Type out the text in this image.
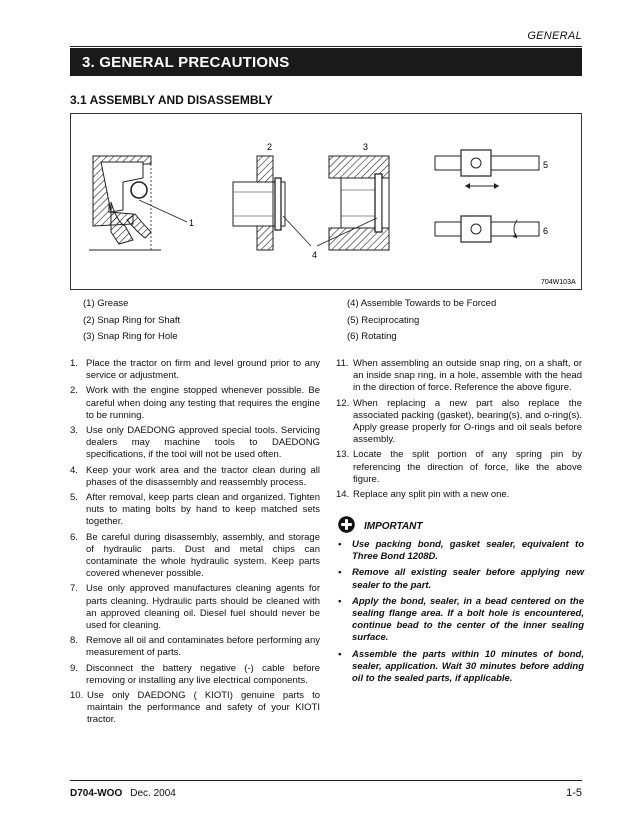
GENERAL
3. GENERAL PRECAUTIONS
3.1 ASSEMBLY AND DISASSEMBLY
1
2	3
4
5
6
704W103A
(1) Grease
(2) Snap Ring for Shaft
(3) Snap Ring for Hole
(4) Assemble Towards to be Forced
(5) Reciprocating
(6) Rotating
1. Place the tractor on firm and level ground prior to any service or adjustment.
2. Work with the engine stopped whenever possible. Be careful when doing any testing that requires the engine to be running.
3. Use only DAEDONG approved special tools. Servicing dealers may machine tools to DAEDONG specifications, if the tool will not be used often.
4. Keep your work area and the tractor clean during all phases of the disassembly and reassembly process.
5. After removal, keep parts clean and organized. Tighten nuts to mating bolts by hand to keep matched sets together.
6. Be careful during disassembly, assembly, and storage of hydraulic parts. Dust and metal chips can contaminate the whole hydraulic system. Keep parts covered whenever possible.
7. Use only approved manufactures cleaning agents for parts cleaning. Hydraulic parts should be cleaned with an approved cleaning oil. Diesel fuel should never be used for cleaning.
8. Remove all oil and contaminates before performing any measurement of parts.
9. Disconnect the battery negative (-) cable before removing or installing any live electrical components.
10. Use only DAEDONG ( KIOTI) genuine parts to maintain the performance and safety of your KIOTI tractor.
11. When assembling an outside snap ring, on a shaft, or an inside snap ring, in a hole, assemble with the head in the direction of force. Reference the above figure.
12. When replacing a new part also replace the associated packing (gasket), bearing(s), and o-ring(s). Apply grease properly for O-rings and oil seals before assembly.
13. Locate the split portion of any spring pin by referencing the direction of force, like the above figure.
14. Replace any split pin with a new one.
IMPORTANT
•	Use packing bond, gasket sealer, equivalent to Three Bond 1208D.
•	Remove all existing sealer before applying new sealer to the part.
•	Apply the bond, sealer, in a bead centered on the sealing flange area. If a bolt hole is encountered, continue bead to the center of the inner sealing surface.
•	Assemble the parts within 10 minutes of bond, sealer, application. Wait 30 minutes before adding oil to the sealed parts, if applicable.
D704-WOO Dec. 2004	1-5
